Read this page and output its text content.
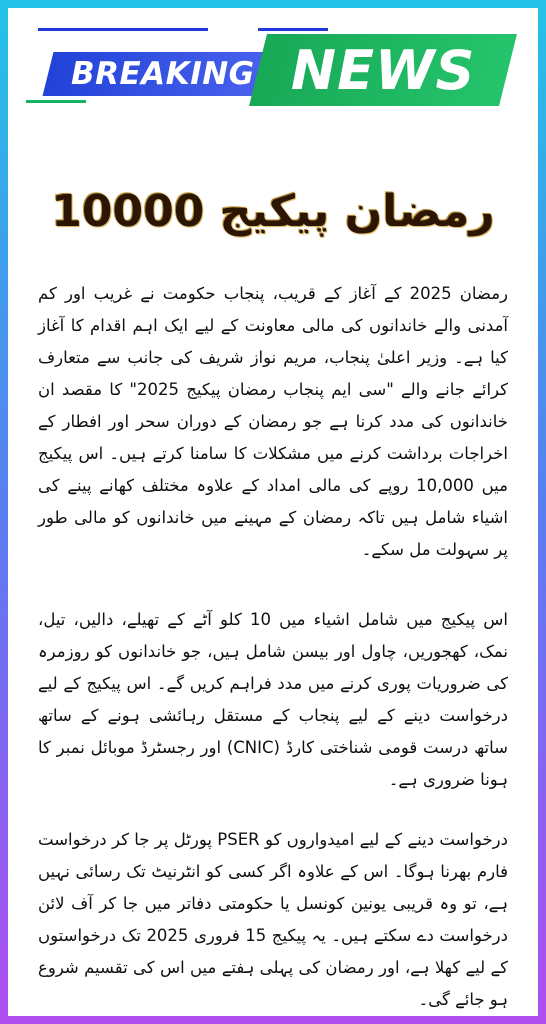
BREAKING NEWS
رمضان پیکیج 10000

رمضان 2025 کے آغاز کے قریب، پنجاب حکومت نے غریب اور کم آمدنی والے خاندانوں کی مالی معاونت کے لیے ایک اہم اقدام کا آغاز کیا ہے۔ وزیر اعلیٰ پنجاب، مریم نواز شریف کی جانب سے متعارف کرائے جانے والے "سی ایم پنجاب رمضان پیکیج 2025" کا مقصد ان خاندانوں کی مدد کرنا ہے جو رمضان کے دوران سحر اور افطار کے اخراجات برداشت کرنے میں مشکلات کا سامنا کرتے ہیں۔ اس پیکیج میں 10,000 روپے کی مالی امداد کے علاوہ مختلف کھانے پینے کی اشیاء شامل ہیں تاکہ رمضان کے مہینے میں خاندانوں کو مالی طور پر سہولت مل سکے۔

اس پیکیج میں شامل اشیاء میں 10 کلو آٹے کے تھیلے، دالیں، تیل، نمک، کھجوریں، چاول اور بیسن شامل ہیں، جو خاندانوں کو روزمرہ کی ضروریات پوری کرنے میں مدد فراہم کریں گے۔ اس پیکیج کے لیے درخواست دینے کے لیے پنجاب کے مستقل رہائشی ہونے کے ساتھ ساتھ درست قومی شناختی کارڈ (CNIC) اور رجسٹرڈ موبائل نمبر کا ہونا ضروری ہے۔

درخواست دینے کے لیے امیدواروں کو PSER پورٹل پر جا کر درخواست فارم بھرنا ہوگا۔ اس کے علاوہ اگر کسی کو انٹرنیٹ تک رسائی نہیں ہے، تو وہ قریبی یونین کونسل یا حکومتی دفاتر میں جا کر آف لائن درخواست دے سکتے ہیں۔ یہ پیکیج 15 فروری 2025 تک درخواستوں کے لیے کھلا ہے، اور رمضان کی پہلی ہفتے میں اس کی تقسیم شروع ہو جائے گی۔
